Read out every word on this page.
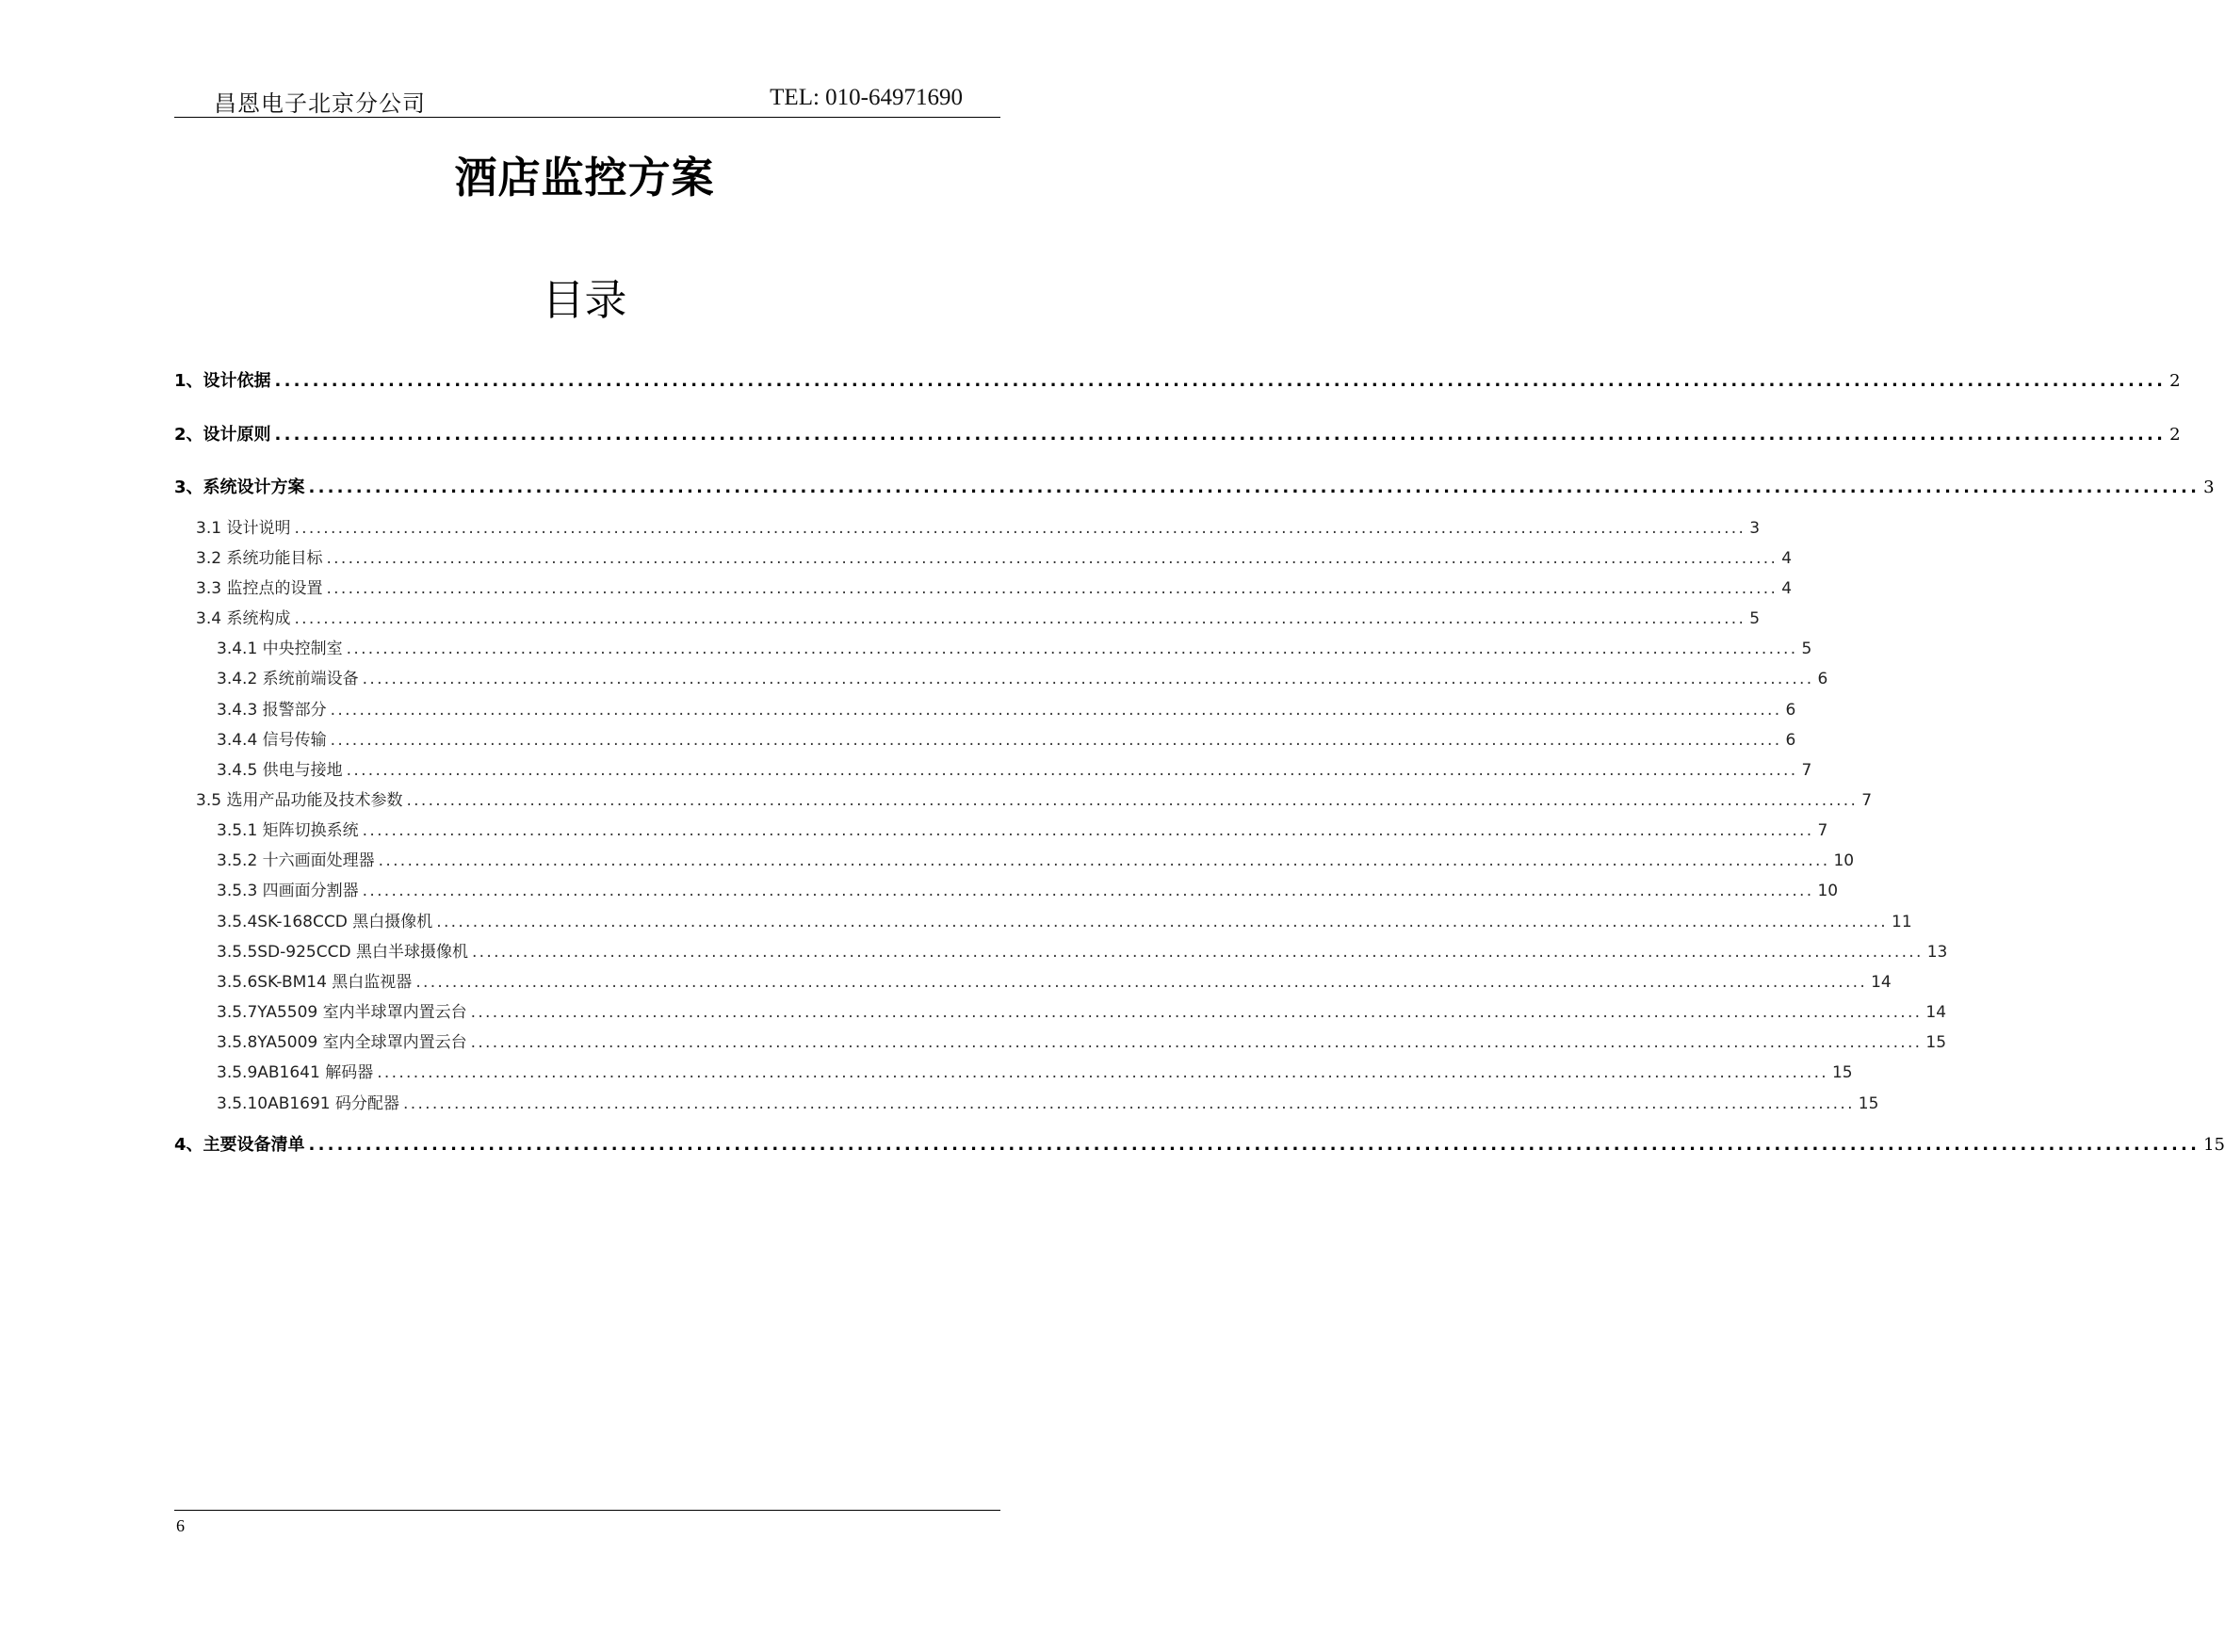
昌恩电子北京分公司	TEL: 010-64971690
酒店监控方案
目录
1、设计依据 ........................................................................................................................................................................................................ 2
2、设计原则 ........................................................................................................................................................................................................ 2
3、系统设计方案 ........................................................................................................................................................................................................ 3
3.1 设计说明 ........................................................................................................................................................................................................ 3
3.2 系统功能目标 ........................................................................................................................................................................................................ 4
3.3 监控点的设置 ........................................................................................................................................................................................................ 4
3.4 系统构成 ........................................................................................................................................................................................................ 5
3.4.1 中央控制室 ........................................................................................................................................................................................................ 5
3.4.2 系统前端设备 ........................................................................................................................................................................................................ 6
3.4.3 报警部分 ........................................................................................................................................................................................................ 6
3.4.4 信号传输 ........................................................................................................................................................................................................ 6
3.4.5 供电与接地 ........................................................................................................................................................................................................ 7
3.5 选用产品功能及技术参数 ........................................................................................................................................................................................................ 7
3.5.1 矩阵切换系统 ........................................................................................................................................................................................................ 7
3.5.2 十六画面处理器 ........................................................................................................................................................................................................ 10
3.5.3 四画面分割器 ........................................................................................................................................................................................................ 10
3.5.4SK-168CCD 黑白摄像机 ........................................................................................................................................................................................................ 11
3.5.5SD-925CCD 黑白半球摄像机 ........................................................................................................................................................................................................ 13
3.5.6SK-BM14 黑白监视器 ........................................................................................................................................................................................................ 14
3.5.7YA5509 室内半球罩内置云台 ........................................................................................................................................................................................................ 14
3.5.8YA5009 室内全球罩内置云台 ........................................................................................................................................................................................................ 15
3.5.9AB1641 解码器 ........................................................................................................................................................................................................ 15
3.5.10AB1691 码分配器 ........................................................................................................................................................................................................ 15
4、主要设备清单 ........................................................................................................................................................................................................ 15
6
